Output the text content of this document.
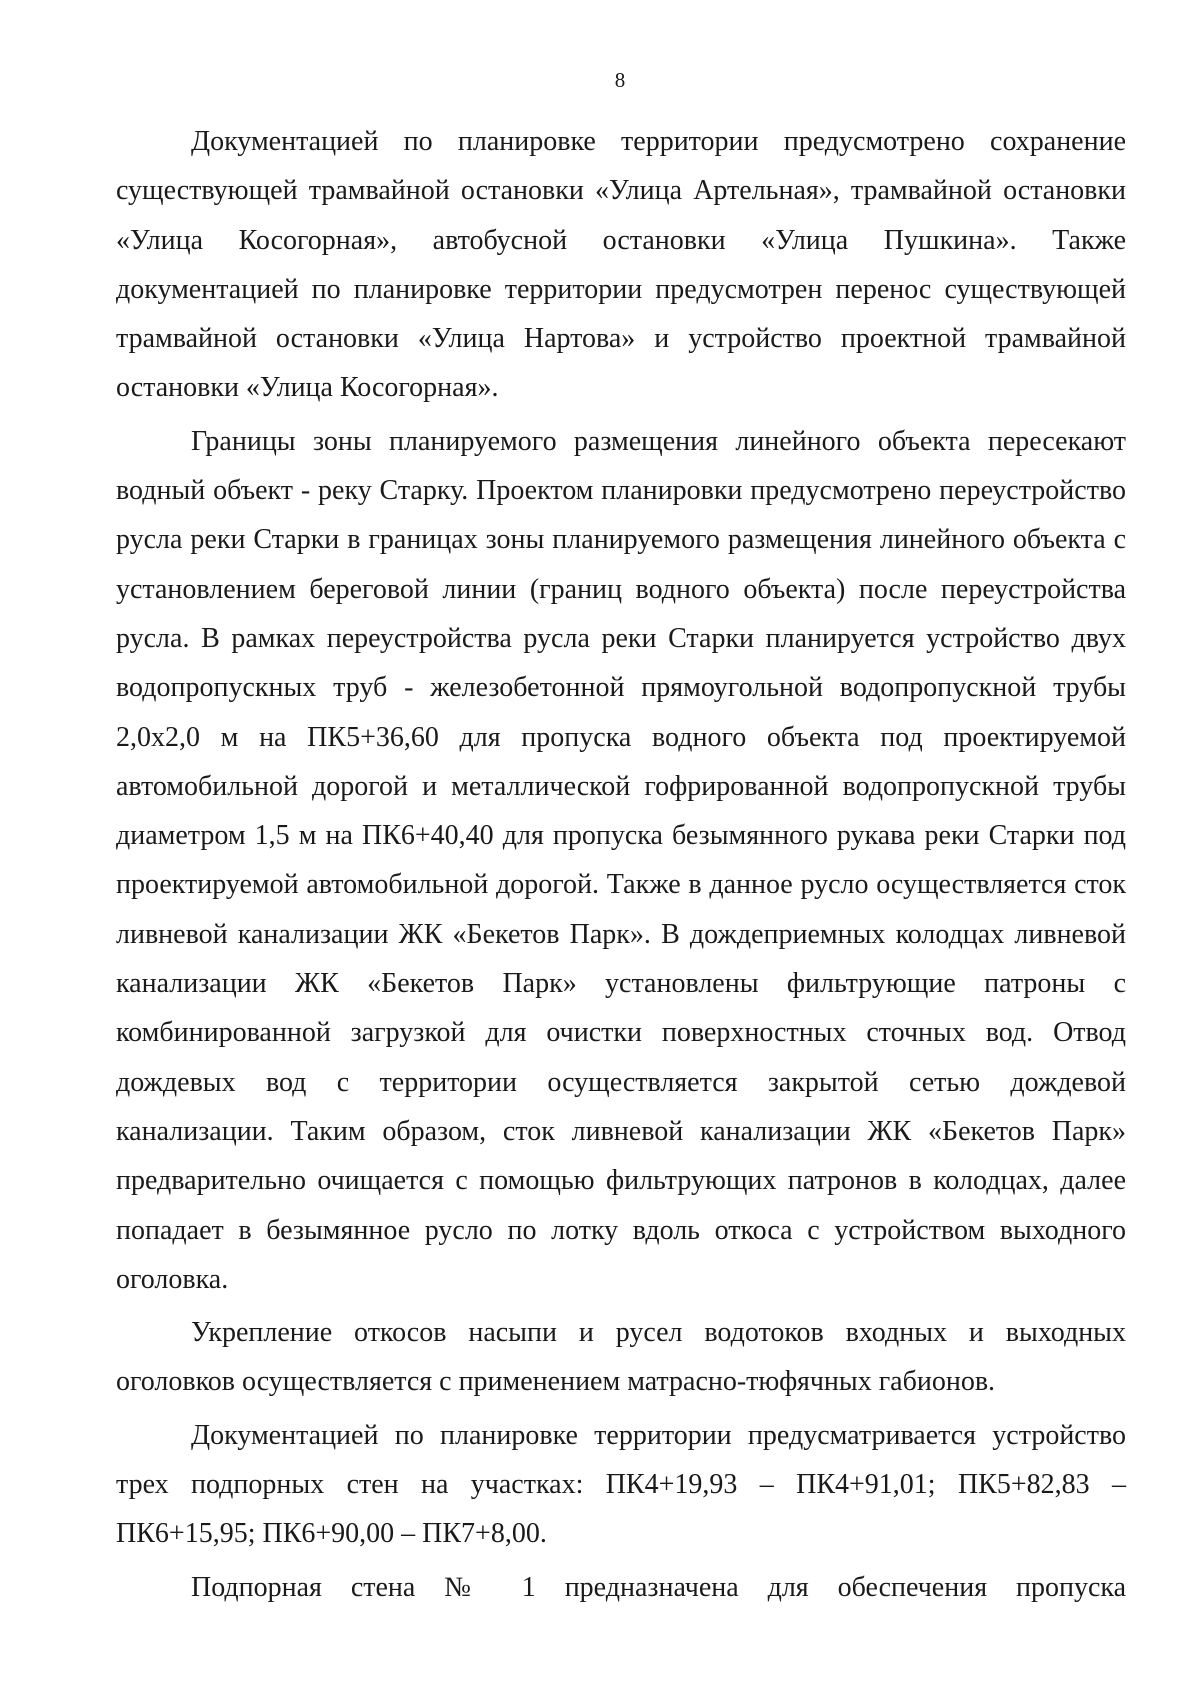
8

Документацией по планировке территории предусмотрено сохранение существующей трамвайной остановки «Улица Артельная», трамвайной остановки «Улица Косогорная», автобусной остановки «Улица Пушкина». Также документацией по планировке территории предусмотрен перенос существующей трамвайной остановки «Улица Нартова» и устройство проектной трамвайной остановки «Улица Косогорная».

Границы зоны планируемого размещения линейного объекта пересекают водный объект - реку Старку. Проектом планировки предусмотрено переустройство русла реки Старки в границах зоны планируемого размещения линейного объекта с установлением береговой линии (границ водного объекта) после переустройства русла. В рамках переустройства русла реки Старки планируется устройство двух водопропускных труб - железобетонной прямоугольной водопропускной трубы 2,0х2,0 м на ПК5+36,60 для пропуска водного объекта под проектируемой автомобильной дорогой и металлической гофрированной водопропускной трубы диаметром 1,5 м на ПК6+40,40 для пропуска безымянного рукава реки Старки под проектируемой автомобильной дорогой. Также в данное русло осуществляется сток ливневой канализации ЖК «Бекетов Парк». В дождеприемных колодцах ливневой канализации ЖК «Бекетов Парк» установлены фильтрующие патроны с комбинированной загрузкой для очистки поверхностных сточных вод. Отвод дождевых вод с территории осуществляется закрытой сетью дождевой канализации. Таким образом, сток ливневой канализации ЖК «Бекетов Парк» предварительно очищается с помощью фильтрующих патронов в колодцах, далее попадает в безымянное русло по лотку вдоль откоса с устройством выходного оголовка.

Укрепление откосов насыпи и русел водотоков входных и выходных оголовков осуществляется с применением матрасно-тюфячных габионов.

Документацией по планировке территории предусматривается устройство трех подпорных стен на участках: ПК4+19,93 – ПК4+91,01; ПК5+82,83 – ПК6+15,95; ПК6+90,00 – ПК7+8,00.

Подпорная стена № 1 предназначена для обеспечения пропуска
